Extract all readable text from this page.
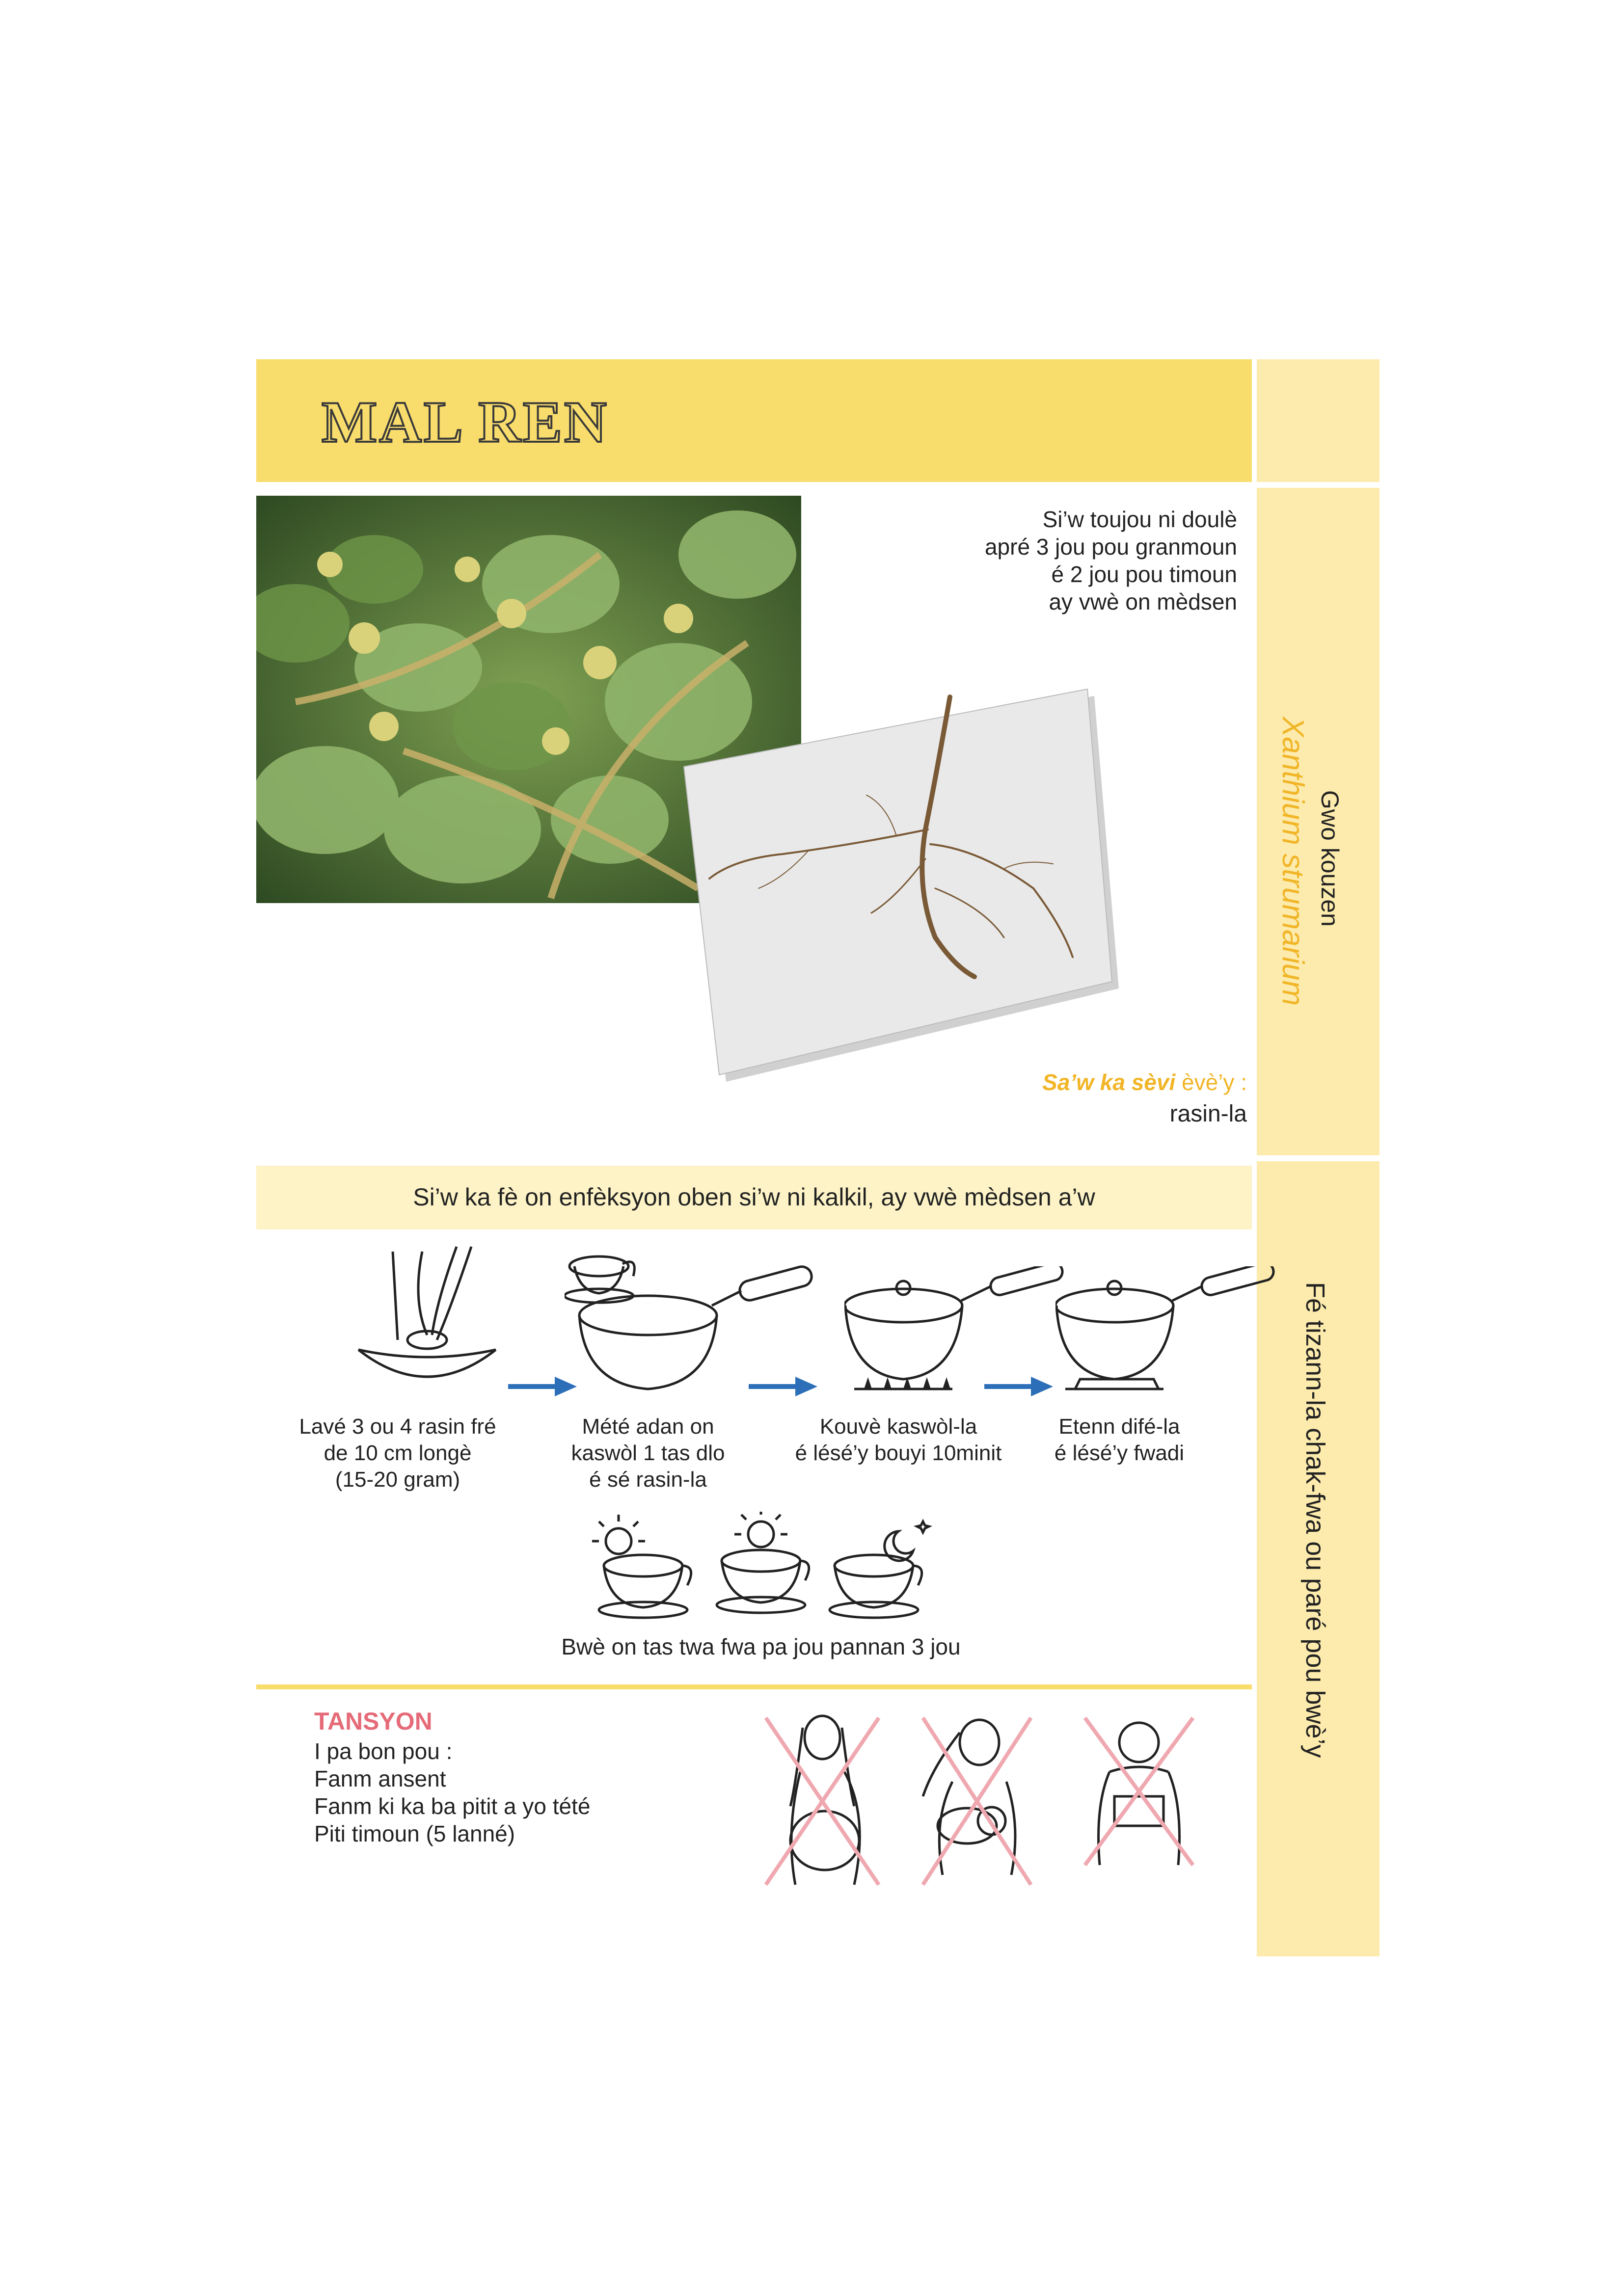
MAL REN
Gwo kouzen
Xanthium strumarium
Fé tizann-la chak-fwa ou paré pou bwè’y
Si’w toujou ni doulè
apré 3 jou pou granmoun
é 2 jou pou timoun
ay vwè on mèdsen
Sa’w ka sèvi èvè’y :
rasin-la
Si’w ka fè on enfèksyon oben si’w ni kalkil, ay vwè mèdsen a’w
Lavé 3 ou 4 rasin fré
de 10 cm longè
(15-20 gram)
Mété adan on
kaswòl 1 tas dlo
é sé rasin-la
Kouvè kaswòl-la
é lésé’y bouyi 10minit
Etenn difé-la
é lésé’y fwadi
Bwè on tas twa fwa pa jou pannan 3 jou
TANSYON
I pa bon pou :
Fanm ansent
Fanm ki ka ba pitit a yo tété
Piti timoun (5 lanné)
